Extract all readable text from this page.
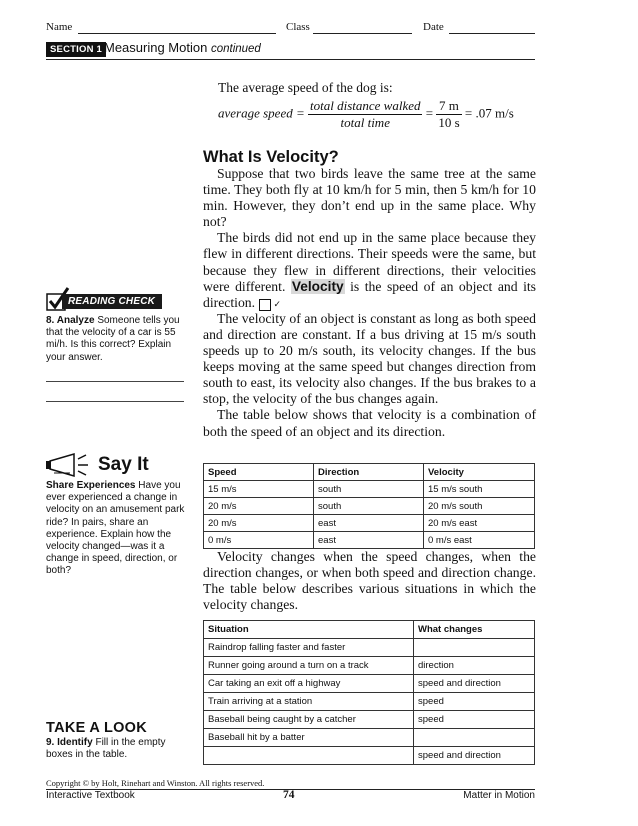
Name	Class	Date
SECTION 1 Measuring Motion continued
The average speed of the dog is:
average speed = $\frac{\text{total distance walked}}{\text{total time}} = \frac{7 m}{10 s} = .07$ m/s
What Is Velocity?

Suppose that two birds leave the same tree at the same time. They both fly at 10 km/h for 5 min, then 5 km/h for 10 min. However, they don’t end up in the same place. Why not?

The birds did not end up in the same place because they flew in different directions. Their speeds were the same, but because they flew in different directions, their velocities were different. Velocity is the speed of an object and its direction. ✓

The velocity of an object is constant as long as both speed and direction are constant. If a bus driving at 15 m/s south speeds up to 20 m/s south, its velocity changes. If the bus keeps moving at the same speed but changes direction from south to east, its velocity also changes. If the bus brakes to a stop, the velocity of the bus changes again.

The table below shows that velocity is a combination of both the speed of an object and its direction.

Speed	Direction	Velocity
15 m/s	south	15 m/s south
20 m/s	south	20 m/s south
20 m/s	east	20 m/s east
0 m/s	east	0 m/s east

Velocity changes when the speed changes, when the direction changes, or when both speed and direction change. The table below describes various situations in which the velocity changes.

Situation	What changes
Raindrop falling faster and faster	
Runner going around a turn on a track	direction
Car taking an exit off a highway	speed and direction
Train arriving at a station	speed
Baseball being caught by a catcher	speed
Baseball hit by a batter	
	speed and direction
READING CHECK
8. Analyze Someone tells you that the velocity of a car is 55 mi/h. Is this correct? Explain your answer.
Say It
Share Experiences Have you ever experienced a change in velocity on an amusement park ride? In pairs, share an experience. Explain how the velocity changed—was it a change in speed, direction, or both?
TAKE A LOOK
9. Identify Fill in the empty boxes in the table.
Copyright © by Holt, Rinehart and Winston. All rights reserved.
Interactive Textbook	74	Matter in Motion
